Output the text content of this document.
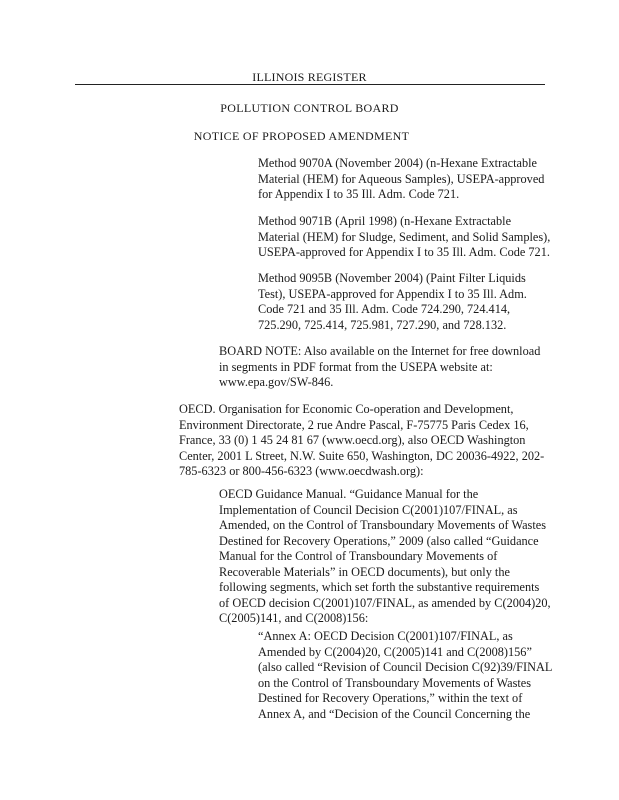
ILLINOIS REGISTER
POLLUTION CONTROL BOARD
NOTICE OF PROPOSED AMENDMENT
Method 9070A (November 2004) (n-Hexane Extractable
Material (HEM) for Aqueous Samples), USEPA-approved
for Appendix I to 35 Ill. Adm. Code 721.
Method 9071B (April 1998) (n-Hexane Extractable
Material (HEM) for Sludge, Sediment, and Solid Samples),
USEPA-approved for Appendix I to 35 Ill. Adm. Code 721.
Method 9095B (November 2004) (Paint Filter Liquids
Test), USEPA-approved for Appendix I to 35 Ill. Adm.
Code 721 and 35 Ill. Adm. Code 724.290, 724.414,
725.290, 725.414, 725.981, 727.290, and 728.132.
BOARD NOTE: Also available on the Internet for free download
in segments in PDF format from the USEPA website at:
www.epa.gov/SW-846.
OECD. Organisation for Economic Co-operation and Development,
Environment Directorate, 2 rue Andre Pascal, F-75775 Paris Cedex 16,
France, 33 (0) 1 45 24 81 67 (www.oecd.org), also OECD Washington
Center, 2001 L Street, N.W. Suite 650, Washington, DC 20036-4922, 202-
785-6323 or 800-456-6323 (www.oecdwash.org):
OECD Guidance Manual. “Guidance Manual for the
Implementation of Council Decision C(2001)107/FINAL, as
Amended, on the Control of Transboundary Movements of Wastes
Destined for Recovery Operations,” 2009 (also called “Guidance
Manual for the Control of Transboundary Movements of
Recoverable Materials” in OECD documents), but only the
following segments, which set forth the substantive requirements
of OECD decision C(2001)107/FINAL, as amended by C(2004)20,
C(2005)141, and C(2008)156:
“Annex A: OECD Decision C(2001)107/FINAL, as
Amended by C(2004)20, C(2005)141 and C(2008)156”
(also called “Revision of Council Decision C(92)39/FINAL
on the Control of Transboundary Movements of Wastes
Destined for Recovery Operations,” within the text of
Annex A, and “Decision of the Council Concerning the
